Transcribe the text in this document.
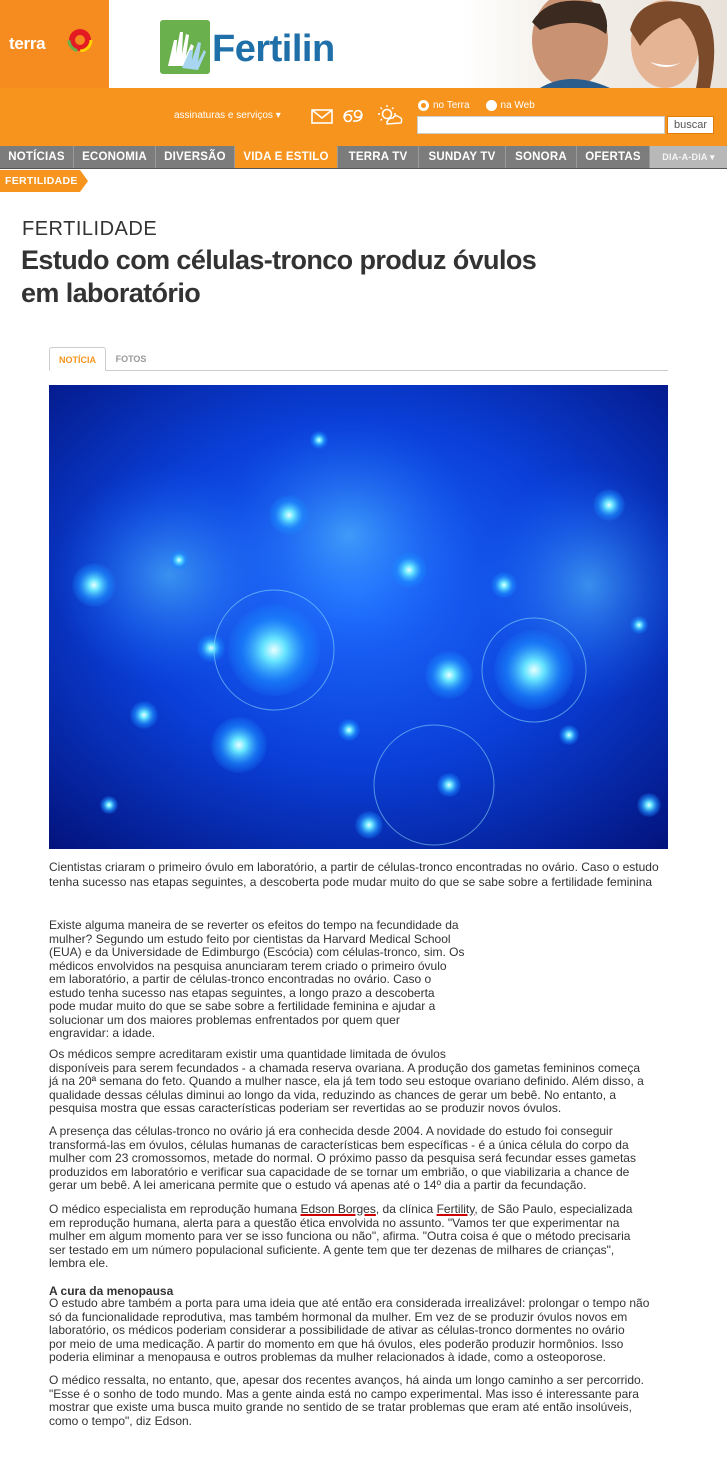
terra	Fertilin
assinaturas e serviços ▾
no Terra	na Web
buscar
NOTÍCIAS	ECONOMIA	DIVERSÃO	VIDA E ESTILO	TERRA TV	SUNDAY TV	SONORA	OFERTAS	DIA-A-DIA ▾
FERTILIDADE
FERTILIDADE
Estudo com células-tronco produz óvulos em laboratório
NOTÍCIA	FOTOS

Cientistas criaram o primeiro óvulo em laboratório, a partir de células-tronco encontradas no ovário. Caso o estudo tenha sucesso nas etapas seguintes, a descoberta pode mudar muito do que se sabe sobre a fertilidade feminina

Existe alguma maneira de se reverter os efeitos do tempo na fecundidade da
mulher? Segundo um estudo feito por cientistas da Harvard Medical School
(EUA) e da Universidade de Edimburgo (Escócia) com células-tronco, sim. Os
médicos envolvidos na pesquisa anunciaram terem criado o primeiro óvulo
em laboratório, a partir de células-tronco encontradas no ovário. Caso o
estudo tenha sucesso nas etapas seguintes, a longo prazo a descoberta
pode mudar muito do que se sabe sobre a fertilidade feminina e ajudar a
solucionar um dos maiores problemas enfrentados por quem quer
engravidar: a idade.
Os médicos sempre acreditaram existir uma quantidade limitada de óvulos
disponíveis para serem fecundados - a chamada reserva ovariana. A produção dos gametas femininos começa
já na 20ª semana do feto. Quando a mulher nasce, ela já tem todo seu estoque ovariano definido. Além disso, a
qualidade dessas células diminui ao longo da vida, reduzindo as chances de gerar um bebê. No entanto, a
pesquisa mostra que essas características poderiam ser revertidas ao se produzir novos óvulos.
A presença das células-tronco no ovário já era conhecida desde 2004. A novidade do estudo foi conseguir
transformá-las em óvulos, células humanas de características bem específicas - é a única célula do corpo da
mulher com 23 cromossomos, metade do normal. O próximo passo da pesquisa será fecundar esses gametas
produzidos em laboratório e verificar sua capacidade de se tornar um embrião, o que viabilizaria a chance de
gerar um bebê. A lei americana permite que o estudo vá apenas até o 14º dia a partir da fecundação.
O médico especialista em reprodução humana Edson Borges, da clínica Fertility, de São Paulo, especializada
em reprodução humana, alerta para a questão ética envolvida no assunto. "Vamos ter que experimentar na
mulher em algum momento para ver se isso funciona ou não", afirma. "Outra coisa é que o método precisaria
ser testado em um número populacional suficiente. A gente tem que ter dezenas de milhares de crianças",
lembra ele.
A cura da menopausa
O estudo abre também a porta para uma ideia que até então era considerada irrealizável: prolongar o tempo não
só da funcionalidade reprodutiva, mas também hormonal da mulher. Em vez de se produzir óvulos novos em
laboratório, os médicos poderiam considerar a possibilidade de ativar as células-tronco dormentes no ovário
por meio de uma medicação. A partir do momento em que há óvulos, eles poderão produzir hormônios. Isso
poderia eliminar a menopausa e outros problemas da mulher relacionados à idade, como a osteoporose.
O médico ressalta, no entanto, que, apesar dos recentes avanços, há ainda um longo caminho a ser percorrido.
"Esse é o sonho de todo mundo. Mas a gente ainda está no campo experimental. Mas isso é interessante para
mostrar que existe uma busca muito grande no sentido de se tratar problemas que eram até então insolúveis,
como o tempo", diz Edson.
